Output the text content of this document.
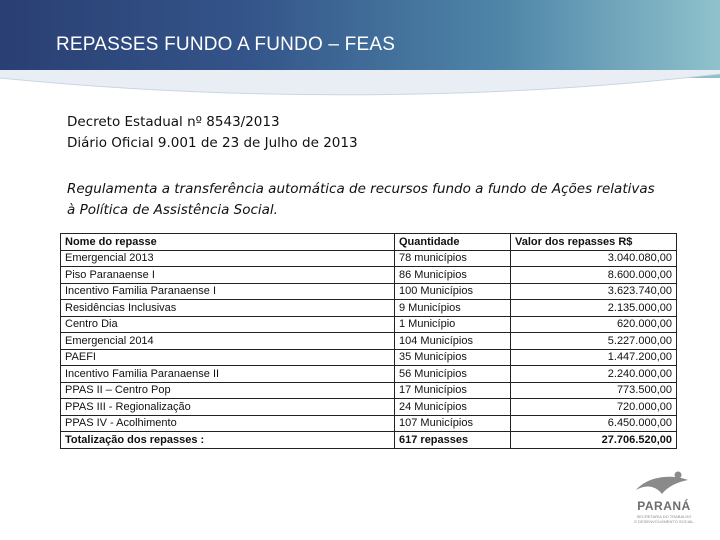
REPASSES FUNDO A FUNDO – FEAS
Decreto Estadual nº 8543/2013
Diário Oficial 9.001 de 23 de Julho de 2013
Regulamenta a transferência automática de recursos fundo a fundo de Ações relativas à Política de Assistência Social.
Nome do repasse	Quantidade	Valor dos repasses R$
Emergencial 2013	78 municípios	3.040.080,00
Piso Paranaense I	86 Municípios	8.600.000,00
Incentivo Familia Paranaense I	100 Municípios	3.623.740,00
Residências Inclusivas	9 Municípios	2.135.000,00
Centro Dia	1 Município	620.000,00
Emergencial 2014	104 Municípios	5.227.000,00
PAEFI	35 Municípios	1.447.200,00
Incentivo Familia Paranaense II	56 Municípios	2.240.000,00
PPAS II – Centro Pop	17 Municípios	773.500,00
PPAS III - Regionalização	24 Municípios	720.000,00
PPAS IV - Acolhimento	107 Municípios	6.450.000,00
Totalização dos repasses :	617 repasses	27.706.520,00
PARANÁ
SECRETARIA DO TRABALHO
E DESENVOLVIMENTO SOCIAL
